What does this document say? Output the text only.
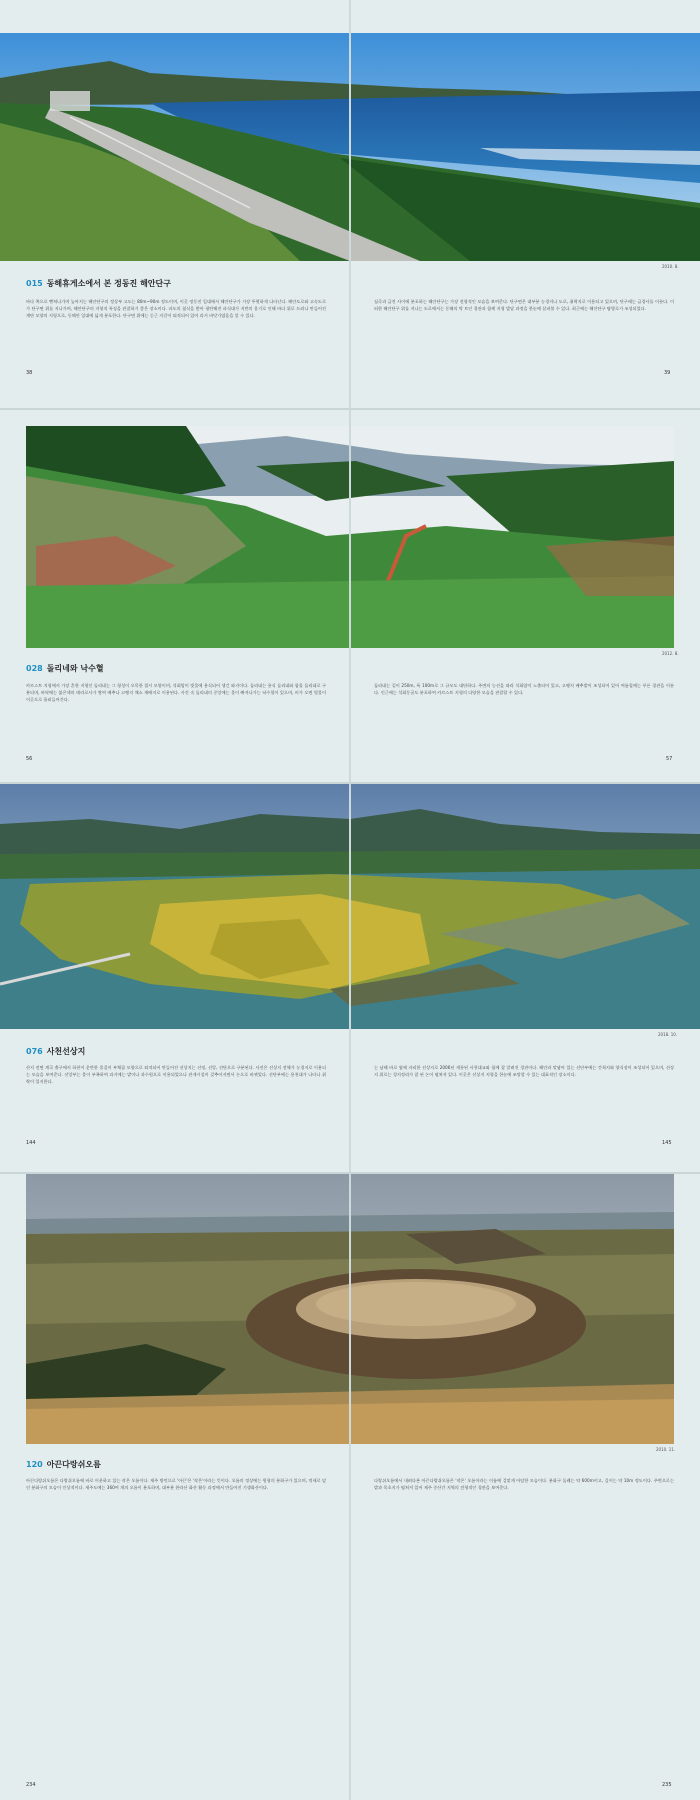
2010. 8.
015 동해휴게소에서 본 정동진 해안단구
바다 쪽으로 뻗쳐나가며 높아지는 해안단구의 정상부 고도는 80m~90m 정도이며, 이곳 정동진 일대에서 해안단구가 가장 뚜렷하게 나타난다. 해안도로와 고속도로가 단구면 위를 지나가며, 해안단구의 지형적 특징을 관찰하기 좋은 장소이다. 파도의 침식을 받아 평탄해진 파식대가 지반의 융기로 인해 바다 위로 드러나 만들어진 계단 모양의 지형으로, 동해안 일대에 넓게 분포한다. 단구면 위에는 둥근 자갈이 퇴적되어 있어 과거 바닷가였음을 알 수 있다.
심곡과 금진 사이에 분포하는 해안단구는 가장 전형적인 모습을 보여준다. 단구면은 대부분 농경지나 도로, 취락지로 이용되고 있으며, 단구애는 급경사를 이룬다. 이러한 해안단구 위를 지나는 도로에서는 동해의 탁 트인 경관과 함께 지형 발달 과정을 한눈에 살펴볼 수 있다. 최근에는 해안단구 탐방로가 조성되었다.
38	39
2012. 8.
028 돌리네와 낙수혈
카르스트 지형에서 가장 흔한 지형인 돌리네는 그 형성이 오목한 접시 모양이며, 석회암이 빗물에 용식되어 생긴 와지이다. 돌리네는 용식 돌리네와 함몰 돌리네로 구분되며, 바닥에는 붉은색의 테라로사가 쌓여 배추나 고랭지 채소 재배지로 이용된다. 사진 속 돌리네의 중앙에는 물이 빠져나가는 낙수혈이 있으며, 비가 오면 빗물이 이곳으로 흘러들어간다.
돌리네는 길이 250m, 폭 100m로 그 규모도 대단하다. 주변의 능선을 따라 석회암이 노출되어 있고, 고랭지 배추밭이 조성되어 있어 여름철에는 푸른 경관을 이룬다. 인근에는 석회동굴도 분포하여 카르스트 지형의 다양한 모습을 관찰할 수 있다.
56	57
2018. 10.
076 사천선상지
산지 전면 계곡 출구에서 하천이 운반한 물질이 부채꼴 모양으로 퇴적되어 만들어진 선상지는 선정, 선앙, 선단으로 구분된다. 사진은 선상지 전체가 농경지로 이용되는 모습을 보여준다. 선앙부는 물이 부족하여 과거에는 밭이나 과수원으로 이용되었으나 관개시설이 갖추어지면서 논으로 바뀌었다. 선단부에는 용천대가 나타나 취락이 입지한다.
는 남해 바로 옆에 자리한 선상지로 2006년 개통된 사천대교와 함께 잘 알려진 경관이다. 해안과 맞닿아 있는 선단부에는 간척지와 양식장이 조성되어 있으며, 선상지 위로는 경지정리가 잘 된 논이 펼쳐져 있다. 이곳은 선상지 지형을 한눈에 조망할 수 있는 대표적인 장소이다.
144	145
2010. 11.
120 아끈다랑쉬오름
아끈다랑쉬오름은 다랑쉬오름에 바로 이웃하고 있는 작은 오름이다. 제주 방언으로 '아끈'은 '작은'이라는 뜻이다. 오름의 정상에는 원형의 분화구가 있으며, 억새로 덮인 분화구의 모습이 인상적이다. 제주도에는 360여 개의 오름이 분포하며, 대부분 한라산 화산 활동 과정에서 만들어진 기생화산이다.
다랑쉬오름에서 내려다본 아끈다랑쉬오름은 '작은' 오름이라는 이름에 걸맞게 아담한 모습이다. 분화구 둘레는 약 600m이고, 깊이는 약 10m 정도이다. 주변으로는 밭과 목초지가 펼쳐져 있어 제주 중산간 지역의 전형적인 경관을 보여준다.
234	235
